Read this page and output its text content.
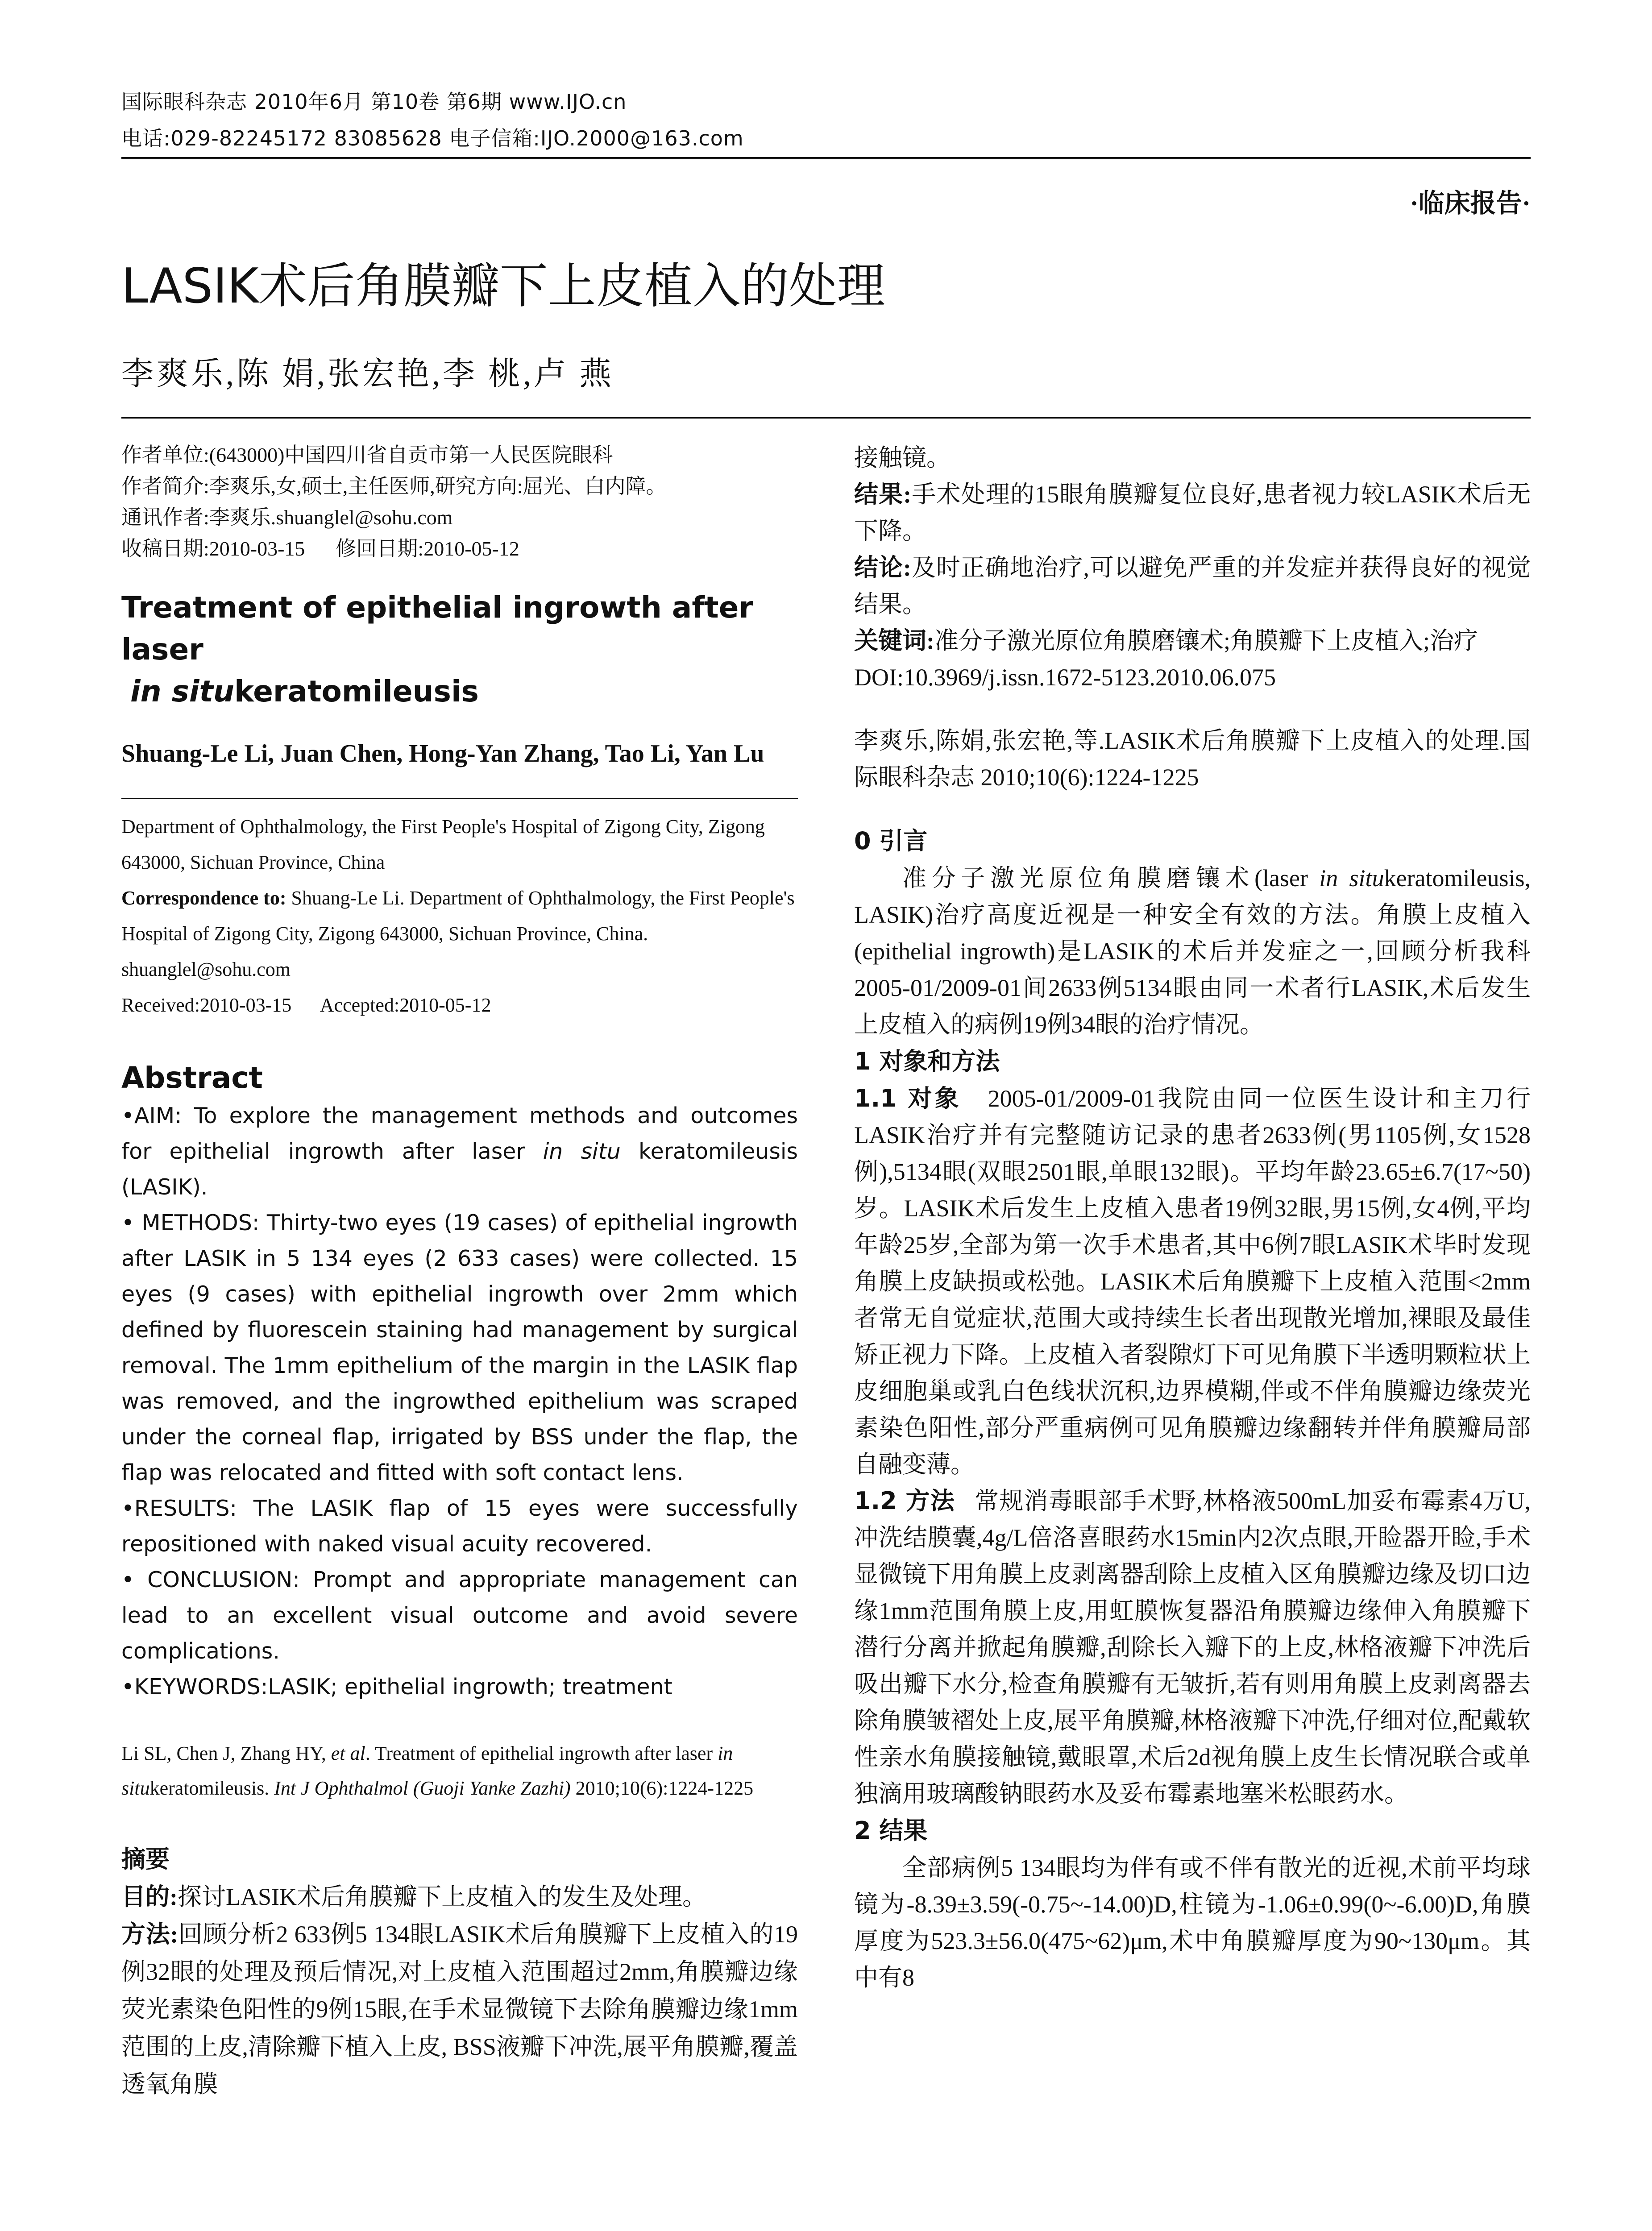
国际眼科杂志 2010年6月 第10卷 第6期 www.IJO.cn
电话:029-82245172 83085628 电子信箱:IJO.2000@163.com
·临床报告·
LASIK术后角膜瓣下上皮植入的处理
李爽乐,陈 娟,张宏艳,李 桃,卢 燕

作者单位:(643000)中国四川省自贡市第一人民医院眼科

作者简介:李爽乐,女,硕士,主任医师,研究方向:屈光、白内障。

通讯作者:李爽乐.shuanglel@sohu.com

收稿日期:2010-03-15      修回日期:2010-05-12

Treatment of epithelial ingrowth after laser
in situkeratomileusis
Shuang-Le Li, Juan Chen, Hong-Yan Zhang, Tao Li, Yan Lu

Department of Ophthalmology, the First People's Hospital of Zigong City, Zigong 643000, Sichuan Province, China

Correspondence to: Shuang-Le Li. Department of Ophthalmology, the First People's Hospital of Zigong City, Zigong 643000, Sichuan Province, China. shuanglel@sohu.com

Received:2010-03-15      Accepted:2010-05-12

Abstract

•AIM: To explore the management methods and outcomes for epithelial ingrowth after laser in situ keratomileusis (LASIK).

• METHODS: Thirty-two eyes (19 cases) of epithelial ingrowth after LASIK in 5 134 eyes (2 633 cases) were collected. 15 eyes (9 cases) with epithelial ingrowth over 2mm which defined by fluorescein staining had management by surgical removal. The 1mm epithelium of the margin in the LASIK flap was removed, and the ingrowthed epithelium was scraped under the corneal flap, irrigated by BSS under the flap, the flap was relocated and fitted with soft contact lens.

•RESULTS: The LASIK flap of 15 eyes were successfully repositioned with naked visual acuity recovered.

• CONCLUSION: Prompt and appropriate management can lead to an excellent visual outcome and avoid severe complications.

•KEYWORDS:LASIK; epithelial ingrowth; treatment

Li SL, Chen J, Zhang HY, et al. Treatment of epithelial ingrowth after laser in situkeratomileusis. Int J Ophthalmol (Guoji Yanke Zazhi) 2010;10(6):1224-1225
摘要

目的:探讨LASIK术后角膜瓣下上皮植入的发生及处理。

方法:回顾分析2 633例5 134眼LASIK术后角膜瓣下上皮植入的19例32眼的处理及预后情况,对上皮植入范围超过2mm,角膜瓣边缘荧光素染色阳性的9例15眼,在手术显微镜下去除角膜瓣边缘1mm范围的上皮,清除瓣下植入上皮, BSS液瓣下冲洗,展平角膜瓣,覆盖透氧角膜

接触镜。

结果:手术处理的15眼角膜瓣复位良好,患者视力较LASIK术后无下降。

结论:及时正确地治疗,可以避免严重的并发症并获得良好的视觉结果。

关键词:准分子激光原位角膜磨镶术;角膜瓣下上皮植入;治疗

DOI:10.3969/j.issn.1672-5123.2010.06.075

李爽乐,陈娟,张宏艳,等.LASIK术后角膜瓣下上皮植入的处理.国际眼科杂志 2010;10(6):1224-1225

0 引言

准分子激光原位角膜磨镶术(laser in situkeratomileusis, LASIK)治疗高度近视是一种安全有效的方法。角膜上皮植入(epithelial ingrowth)是LASIK的术后并发症之一,回顾分析我科2005-01/2009-01间2633例5134眼由同一术者行LASIK,术后发生上皮植入的病例19例34眼的治疗情况。

1 对象和方法

1.1 对象 2005-01/2009-01我院由同一位医生设计和主刀行LASIK治疗并有完整随访记录的患者2633例(男1105例,女1528例),5134眼(双眼2501眼,单眼132眼)。平均年龄23.65±6.7(17~50)岁。LASIK术后发生上皮植入患者19例32眼,男15例,女4例,平均年龄25岁,全部为第一次手术患者,其中6例7眼LASIK术毕时发现角膜上皮缺损或松弛。LASIK术后角膜瓣下上皮植入范围<2mm者常无自觉症状,范围大或持续生长者出现散光增加,裸眼及最佳矫正视力下降。上皮植入者裂隙灯下可见角膜下半透明颗粒状上皮细胞巢或乳白色线状沉积,边界模糊,伴或不伴角膜瓣边缘荧光素染色阳性,部分严重病例可见角膜瓣边缘翻转并伴角膜瓣局部自融变薄。

1.2 方法 常规消毒眼部手术野,林格液500mL加妥布霉素4万U,冲洗结膜囊,4g/L倍洛喜眼药水15min内2次点眼,开睑器开睑,手术显微镜下用角膜上皮剥离器刮除上皮植入区角膜瓣边缘及切口边缘1mm范围角膜上皮,用虹膜恢复器沿角膜瓣边缘伸入角膜瓣下潜行分离并掀起角膜瓣,刮除长入瓣下的上皮,林格液瓣下冲洗后吸出瓣下水分,检查角膜瓣有无皱折,若有则用角膜上皮剥离器去除角膜皱褶处上皮,展平角膜瓣,林格液瓣下冲洗,仔细对位,配戴软性亲水角膜接触镜,戴眼罩,术后2d视角膜上皮生长情况联合或单独滴用玻璃酸钠眼药水及妥布霉素地塞米松眼药水。

2 结果

全部病例5 134眼均为伴有或不伴有散光的近视,术前平均球镜为-8.39±3.59(-0.75~-14.00)D,柱镜为-1.06±0.99(0~-6.00)D,角膜厚度为523.3±56.0(475~62)μm,术中角膜瓣厚度为90~130μm。其中有8
